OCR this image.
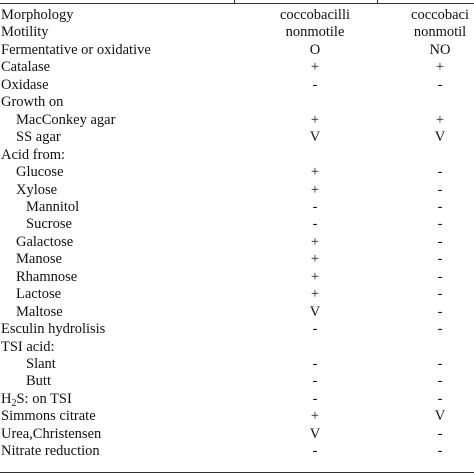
Morphology	coccobacilli	coccobaci
Motility	nonmotile	nonmotil
Fermentative or oxidative	O	NO
Catalase	+	+
Oxidase	-	-
Growth on
MacConkey agar	+	+
SS agar	V	V
Acid from:
Glucose	+	-
Xylose	+	-
Mannitol	-	-
Sucrose	-	-
Galactose	+	-
Manose	+	-
Rhamnose	+	-
Lactose	+	-
Maltose	V	-
Esculin hydrolisis	-	-
TSI acid:
Slant	-	-
Butt	-	-
$H_2S$: on TSI	-	-
Simmons citrate	+	V
Urea,Christensen	V	-
Nitrate reduction	-	-
